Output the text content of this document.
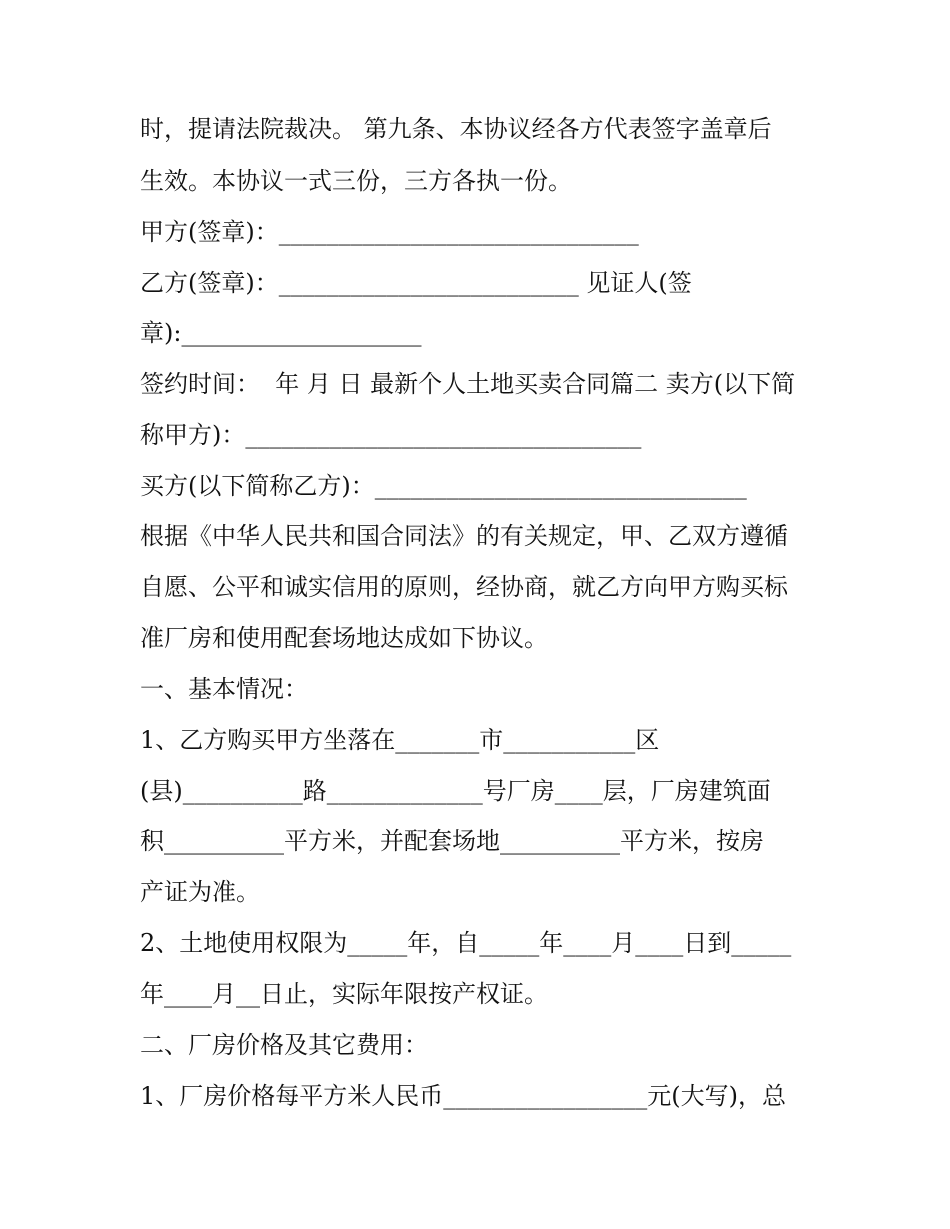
时，提请法院裁决。 第九条、本协议经各方代表签字盖章后
生效。本协议一式三份，三方各执一份。
甲方(签章)：______________________________
乙方(签章)：_________________________ 见证人(签
章):____________________
签约时间：  年 月 日 最新个人土地买卖合同篇二 卖方(以下简
称甲方)：_________________________________
买方(以下简称乙方)：_______________________________
根据《中华人民共和国合同法》的有关规定，甲、乙双方遵循
自愿、公平和诚实信用的原则，经协商，就乙方向甲方购买标
准厂房和使用配套场地达成如下协议。
一、基本情况：
1、乙方购买甲方坐落在_______市___________区
(县)__________路_____________号厂房____层，厂房建筑面
积__________平方米，并配套场地__________平方米，按房
产证为准。
2、土地使用权限为_____年，自_____年____月____日到_____
年____月__日止，实际年限按产权证。
二、厂房价格及其它费用：
1、厂房价格每平方米人民币_________________元(大写)，总
